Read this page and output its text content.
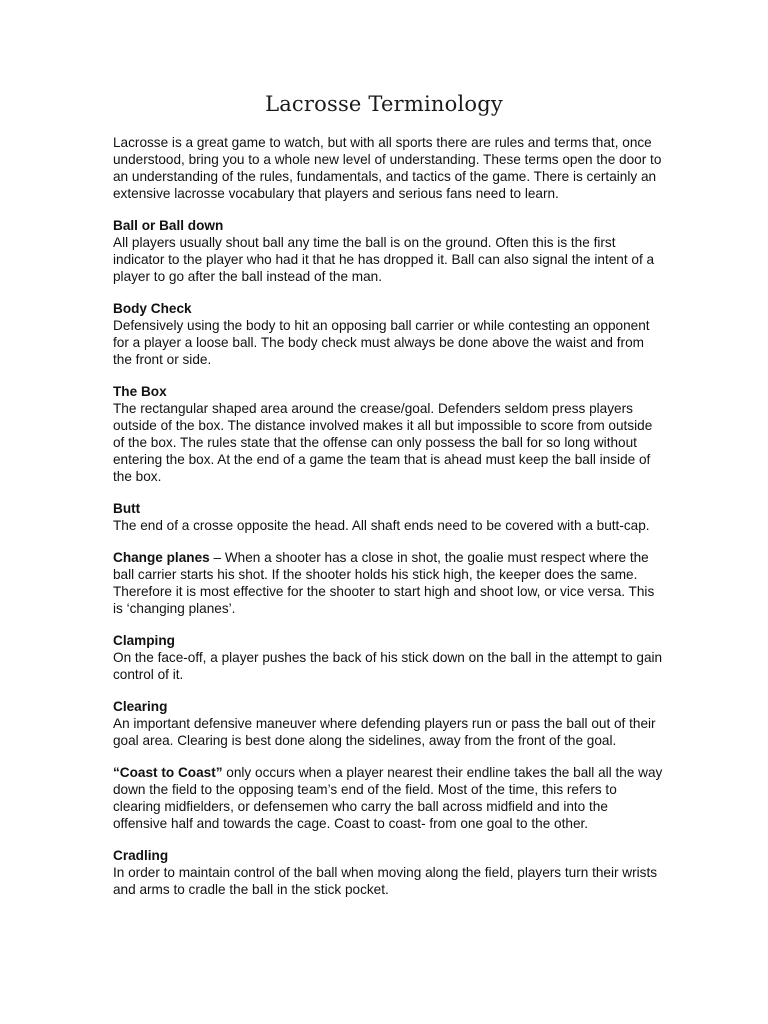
Lacrosse Terminology

Lacrosse is a great game to watch, but with all sports there are rules and terms that, once understood, bring you to a whole new level of understanding. These terms open the door to an understanding of the rules, fundamentals, and tactics of the game. There is certainly an extensive lacrosse vocabulary that players and serious fans need to learn.

Ball or Ball down
All players usually shout ball any time the ball is on the ground. Often this is the first indicator to the player who had it that he has dropped it. Ball can also signal the intent of a player to go after the ball instead of the man.
Body Check
Defensively using the body to hit an opposing ball carrier or while contesting an opponent for a player a loose ball. The body check must always be done above the waist and from the front or side.
The Box
The rectangular shaped area around the crease/goal. Defenders seldom press players outside of the box. The distance involved makes it all but impossible to score from outside of the box. The rules state that the offense can only possess the ball for so long without entering the box. At the end of a game the team that is ahead must keep the ball inside of the box.
Butt
The end of a crosse opposite the head. All shaft ends need to be covered with a butt-cap.
Change planes – When a shooter has a close in shot, the goalie must respect where the ball carrier starts his shot. If the shooter holds his stick high, the keeper does the same. Therefore it is most effective for the shooter to start high and shoot low, or vice versa. This is ‘changing planes’.
Clamping
On the face-off, a player pushes the back of his stick down on the ball in the attempt to gain control of it.
Clearing
An important defensive maneuver where defending players run or pass the ball out of their goal area. Clearing is best done along the sidelines, away from the front of the goal.
“Coast to Coast” only occurs when a player nearest their endline takes the ball all the way down the field to the opposing team’s end of the field. Most of the time, this refers to clearing midfielders, or defensemen who carry the ball across midfield and into the offensive half and towards the cage. Coast to coast- from one goal to the other.
Cradling
In order to maintain control of the ball when moving along the field, players turn their wrists and arms to cradle the ball in the stick pocket.
